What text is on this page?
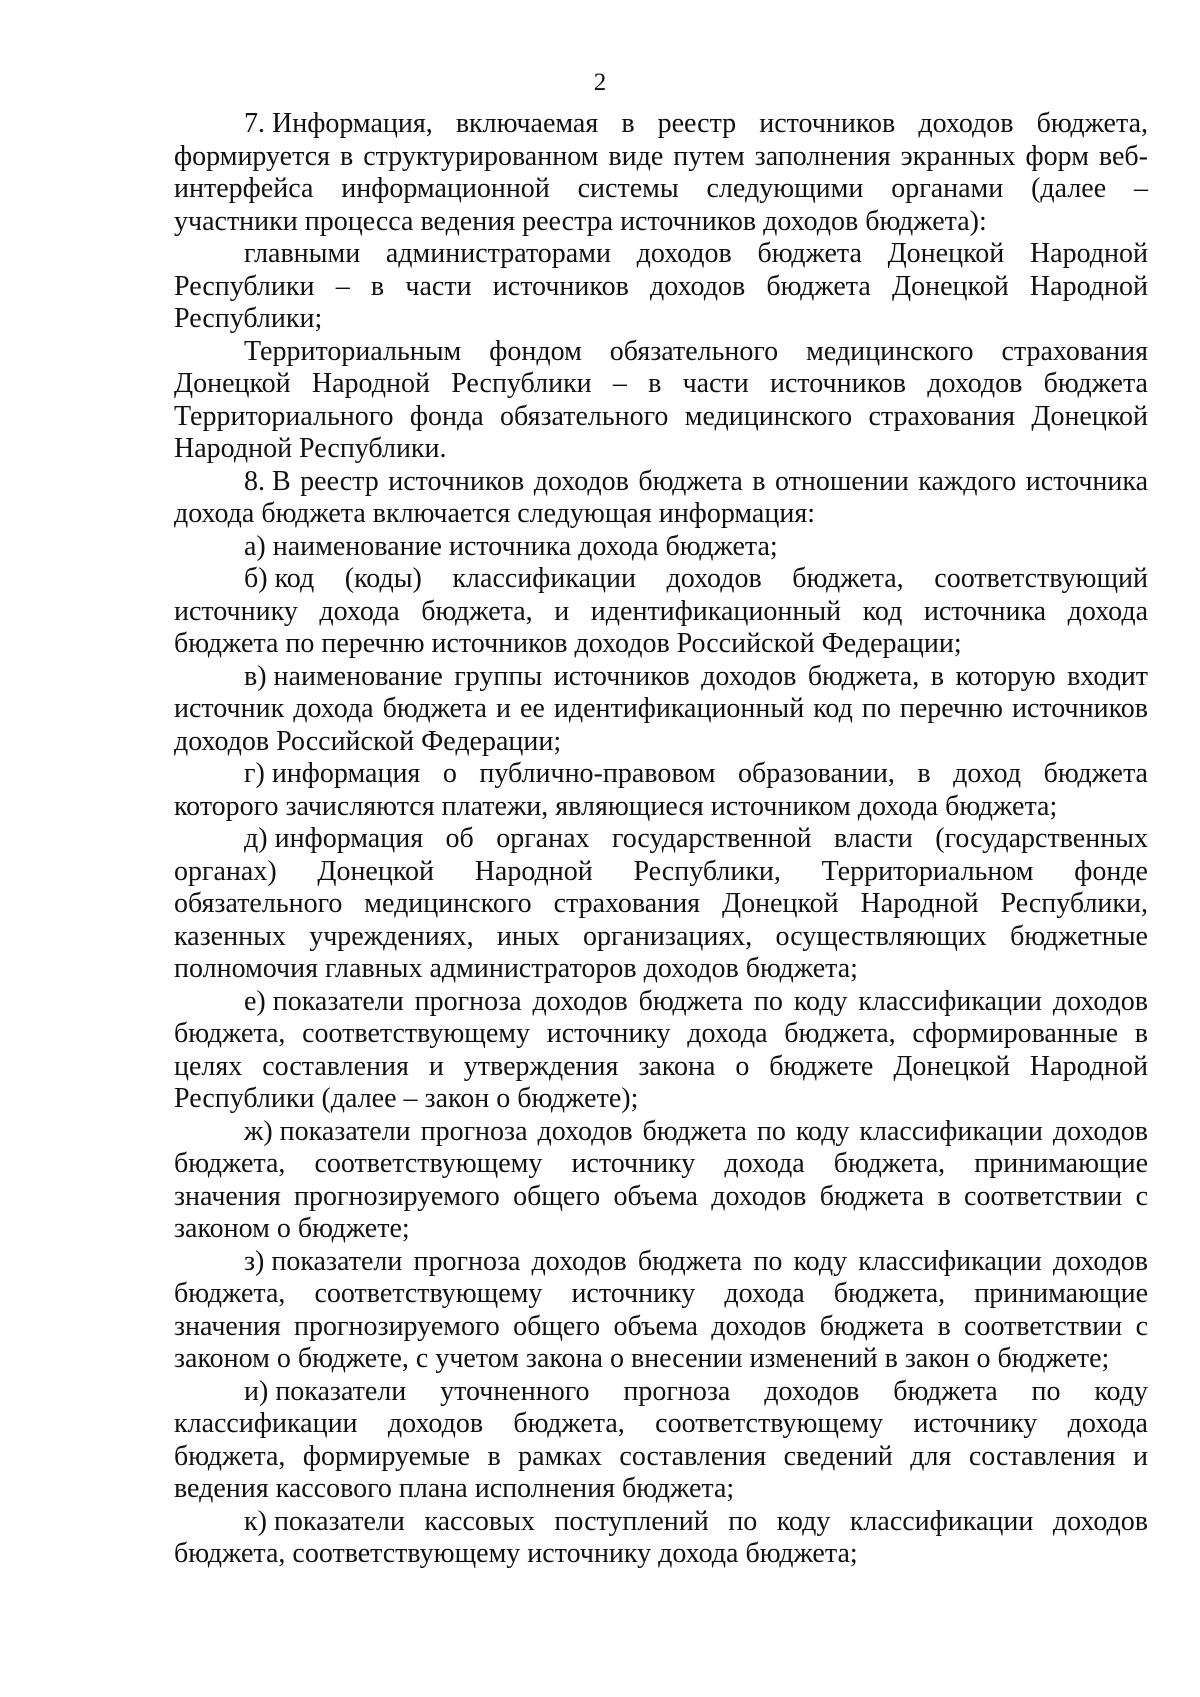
2

7. Информация, включаемая в реестр источников доходов бюджета, формируется в структурированном виде путем заполнения экранных форм веб-интерфейса информационной системы следующими органами (далее – участники процесса ведения реестра источников доходов бюджета):

главными администраторами доходов бюджета Донецкой Народной Республики – в части источников доходов бюджета Донецкой Народной Республики;

Территориальным фондом обязательного медицинского страхования Донецкой Народной Республики – в части источников доходов бюджета Территориального фонда обязательного медицинского страхования Донецкой Народной Республики.

8. В реестр источников доходов бюджета в отношении каждого источника дохода бюджета включается следующая информация:

а) наименование источника дохода бюджета;

б) код (коды) классификации доходов бюджета, соответствующий источнику дохода бюджета, и идентификационный код источника дохода бюджета по перечню источников доходов Российской Федерации;

в) наименование группы источников доходов бюджета, в которую входит источник дохода бюджета и ее идентификационный код по перечню источников доходов Российской Федерации;

г) информация о публично-правовом образовании, в доход бюджета которого зачисляются платежи, являющиеся источником дохода бюджета;

д) информация об органах государственной власти (государственных органах) Донецкой Народной Республики, Территориальном фонде обязательного медицинского страхования Донецкой Народной Республики, казенных учреждениях, иных организациях, осуществляющих бюджетные полномочия главных администраторов доходов бюджета;

е) показатели прогноза доходов бюджета по коду классификации доходов бюджета, соответствующему источнику дохода бюджета, сформированные в целях составления и утверждения закона о бюджете Донецкой Народной Республики (далее – закон о бюджете);

ж) показатели прогноза доходов бюджета по коду классификации доходов бюджета, соответствующему источнику дохода бюджета, принимающие значения прогнозируемого общего объема доходов бюджета в соответствии с законом о бюджете;

з) показатели прогноза доходов бюджета по коду классификации доходов бюджета, соответствующему источнику дохода бюджета, принимающие значения прогнозируемого общего объема доходов бюджета в соответствии с законом о бюджете, с учетом закона о внесении изменений в закон о бюджете;

и) показатели уточненного прогноза доходов бюджета по коду классификации доходов бюджета, соответствующему источнику дохода бюджета, формируемые в рамках составления сведений для составления и ведения кассового плана исполнения бюджета;

к) показатели кассовых поступлений по коду классификации доходов бюджета, соответствующему источнику дохода бюджета;
